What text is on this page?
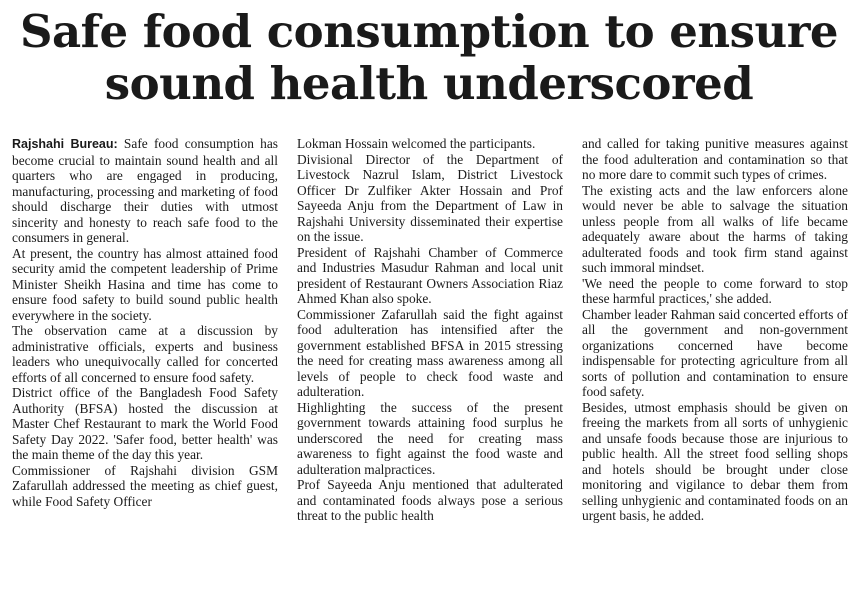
Safe food consumption to ensure
sound health underscored

Rajshahi Bureau: Safe food consumption has become crucial to maintain sound health and all quarters who are engaged in producing, manufacturing, processing and marketing of food should discharge their duties with utmost sincerity and honesty to reach safe food to the consumers in general.

At present, the country has almost attained food security amid the competent leadership of Prime Minister Sheikh Hasina and time has come to ensure food safety to build sound public health everywhere in the society.

The observation came at a discussion by administrative officials, experts and business leaders who unequivocally called for concerted efforts of all concerned to ensure food safety.

District office of the Bangladesh Food Safety Authority (BFSA) hosted the discussion at Master Chef Restaurant to mark the World Food Safety Day 2022. 'Safer food, better health' was the main theme of the day this year.

Commissioner of Rajshahi division GSM Zafarullah addressed the meeting as chief guest, while Food Safety Officer

Lokman Hossain welcomed the participants.

Divisional Director of the Department of Livestock Nazrul Islam, District Livestock Officer Dr Zulfiker Akter Hossain and Prof Sayeeda Anju from the Department of Law in Rajshahi University disseminated their expertise on the issue.

President of Rajshahi Chamber of Commerce and Industries Masudur Rahman and local unit president of Restaurant Owners Association Riaz Ahmed Khan also spoke.

Commissioner Zafarullah said the fight against food adulteration has intensified after the government established BFSA in 2015 stressing the need for creating mass awareness among all levels of people to check food waste and adulteration.

Highlighting the success of the present government towards attaining food surplus he underscored the need for creating mass awareness to fight against the food waste and adulteration malpractices.

Prof Sayeeda Anju mentioned that adulterated and contaminated foods always pose a serious threat to the public health

and called for taking punitive measures against the food adulteration and contamination so that no more dare to commit such types of crimes.

The existing acts and the law enforcers alone would never be able to salvage the situation unless people from all walks of life became adequately aware about the harms of taking adulterated foods and took firm stand against such immoral mindset.

'We need the people to come forward to stop these harmful practices,' she added.

Chamber leader Rahman said concerted efforts of all the government and non-government organizations concerned have become indispensable for protecting agriculture from all sorts of pollution and contamination to ensure food safety.

Besides, utmost emphasis should be given on freeing the markets from all sorts of unhygienic and unsafe foods because those are injurious to public health. All the street food selling shops and hotels should be brought under close monitoring and vigilance to debar them from selling unhygienic and contaminated foods on an urgent basis, he added.
